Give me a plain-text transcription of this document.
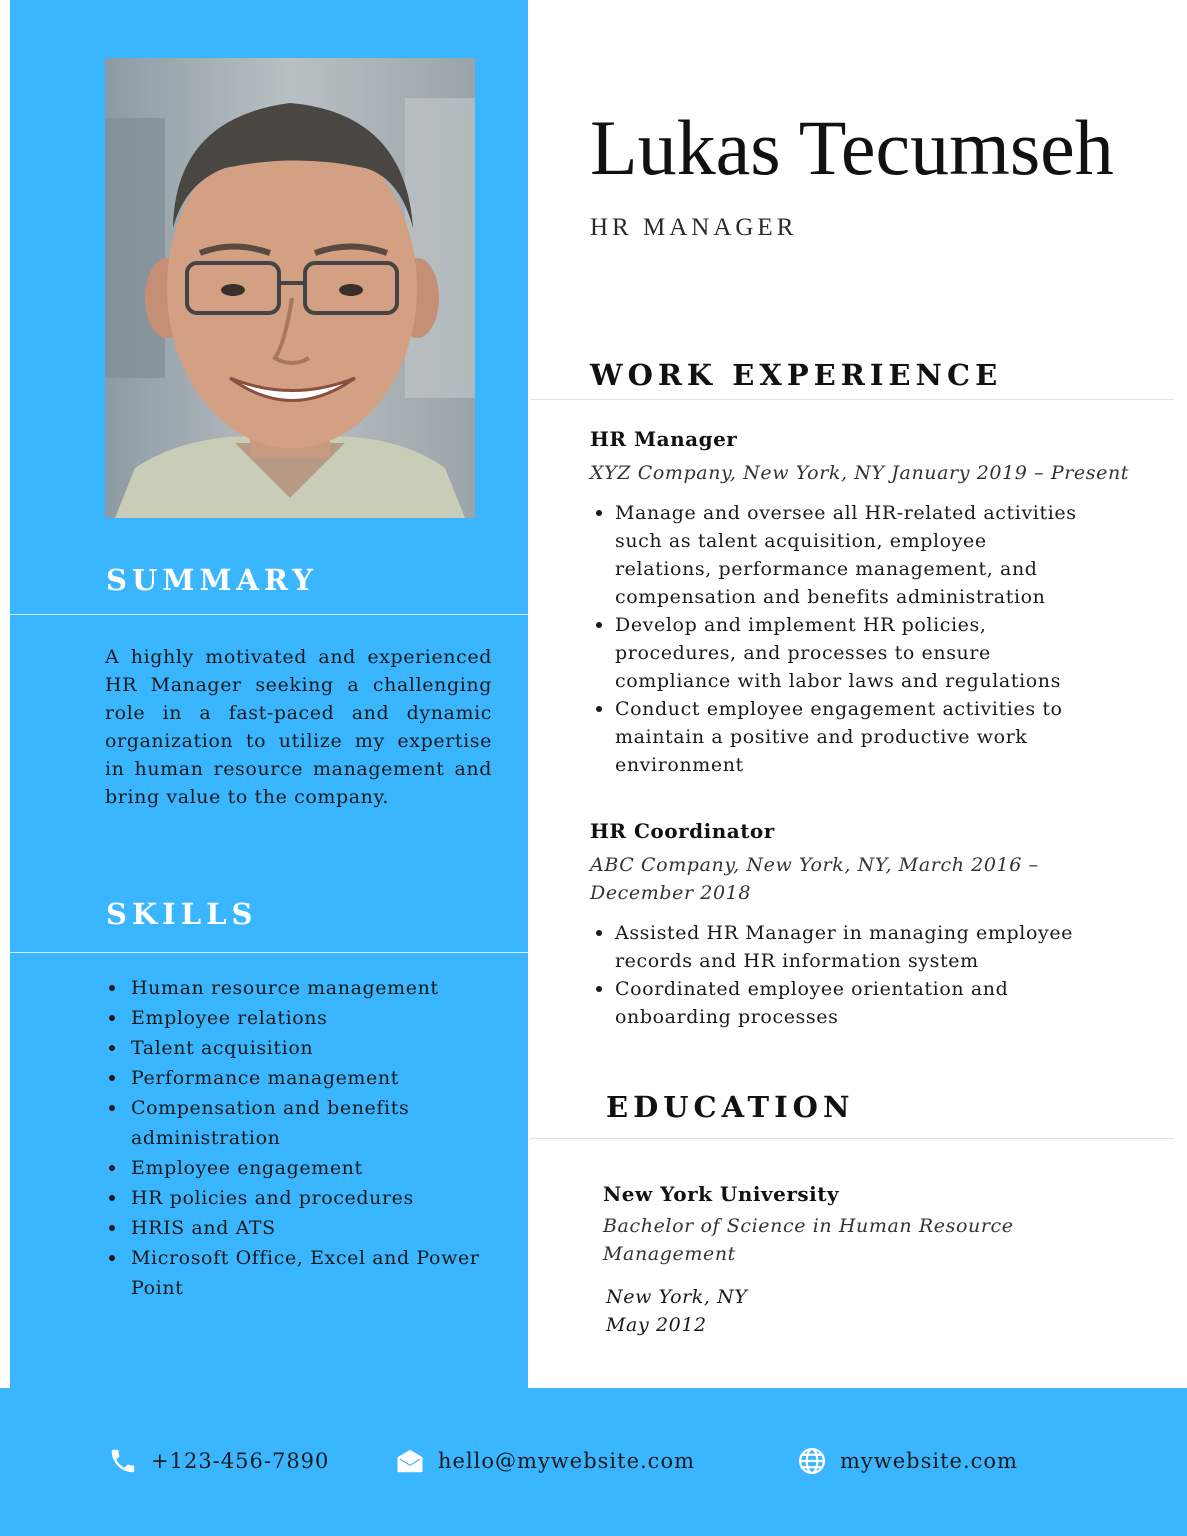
SUMMARY

A highly motivated and experienced HR Manager seeking a challenging role in a fast-paced and dynamic organization to utilize my expertise in human resource management and bring value to the company.

SKILLS
Human resource management
Employee relations
Talent acquisition
Performance management
Compensation and benefits administration
Employee engagement
HR policies and procedures
HRIS and ATS
Microsoft Office, Excel and Power Point
Lukas Tecumseh
HR MANAGER
WORK EXPERIENCE
HR Manager
XYZ Company, New York, NY January 2019 – Present
Manage and oversee all HR-related activities such as talent acquisition, employee relations, performance management, and compensation and benefits administration
Develop and implement HR policies, procedures, and processes to ensure compliance with labor laws and regulations
Conduct employee engagement activities to maintain a positive and productive work environment
HR Coordinator
ABC Company, New York, NY, March 2016 – December 2018
Assisted HR Manager in managing employee records and HR information system
Coordinated employee orientation and onboarding processes
EDUCATION
New York University
Bachelor of Science in Human Resource Management
New York, NY
May 2012
+123-456-7890	hello@mywebsite.com	mywebsite.com
